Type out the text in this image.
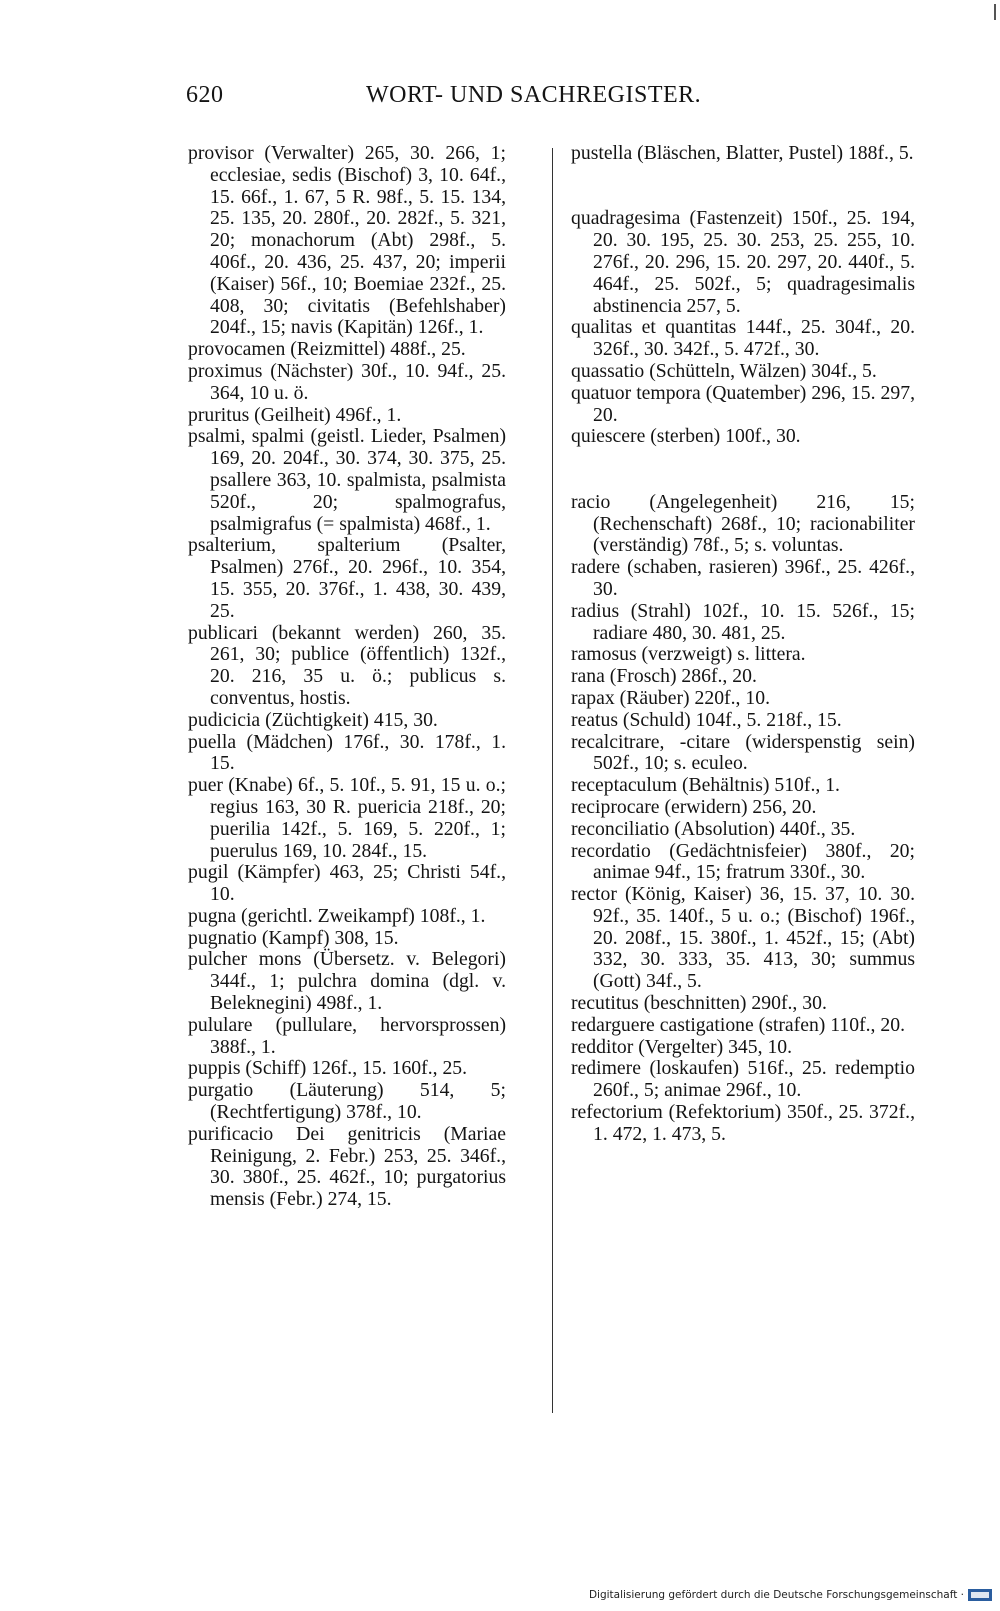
620	WORT- UND SACHREGISTER.
provisor (Verwalter) 265, 30. 266, 1; ecclesiae, sedis (Bischof) 3, 10. 64f., 15. 66f., 1. 67, 5 R. 98f., 5. 15. 134, 25. 135, 20. 280f., 20. 282f., 5. 321, 20; monachorum (Abt) 298f., 5. 406f., 20. 436, 25. 437, 20; imperii (Kaiser) 56f., 10; Boemiae 232f., 25. 408, 30; civitatis (Befehlshaber) 204f., 15; navis (Kapitän) 126f., 1.
provocamen (Reizmittel) 488f., 25.
proximus (Nächster) 30f., 10. 94f., 25. 364, 10 u. ö.
pruritus (Geilheit) 496f., 1.
psalmi, spalmi (geistl. Lieder, Psalmen) 169, 20. 204f., 30. 374, 30. 375, 25. psallere 363, 10. spalmista, psalmista 520f., 20; spalmografus, psalmigrafus (= spalmista) 468f., 1.
psalterium, spalterium (Psalter, Psalmen) 276f., 20. 296f., 10. 354, 15. 355, 20. 376f., 1. 438, 30. 439, 25.
publicari (bekannt werden) 260, 35. 261, 30; publice (öffentlich) 132f., 20. 216, 35 u. ö.; publicus s. conventus, hostis.
pudicicia (Züchtigkeit) 415, 30.
puella (Mädchen) 176f., 30. 178f., 1. 15.
puer (Knabe) 6f., 5. 10f., 5. 91, 15 u. o.; regius 163, 30 R. puericia 218f., 20; puerilia 142f., 5. 169, 5. 220f., 1; puerulus 169, 10. 284f., 15.
pugil (Kämpfer) 463, 25; Christi 54f., 10.
pugna (gerichtl. Zweikampf) 108f., 1.
pugnatio (Kampf) 308, 15.
pulcher mons (Übersetz. v. Belegori) 344f., 1; pulchra domina (dgl. v. Beleknegini) 498f., 1.
pululare (pullulare, hervorsprossen) 388f., 1.
puppis (Schiff) 126f., 15. 160f., 25.
purgatio (Läuterung) 514, 5; (Rechtfertigung) 378f., 10.
purificacio Dei genitricis (Mariae Reinigung, 2. Febr.) 253, 25. 346f., 30. 380f., 25. 462f., 10; purgatorius mensis (Febr.) 274, 15.
pustella (Bläschen, Blatter, Pustel) 188f., 5.
quadragesima (Fastenzeit) 150f., 25. 194, 20. 30. 195, 25. 30. 253, 25. 255, 10. 276f., 20. 296, 15. 20. 297, 20. 440f., 5. 464f., 25. 502f., 5; quadragesimalis abstinencia 257, 5.
qualitas et quantitas 144f., 25. 304f., 20. 326f., 30. 342f., 5. 472f., 30.
quassatio (Schütteln, Wälzen) 304f., 5.
quatuor tempora (Quatember) 296, 15. 297, 20.
quiescere (sterben) 100f., 30.
racio (Angelegenheit) 216, 15; (Rechenschaft) 268f., 10; racionabiliter (verständig) 78f., 5; s. voluntas.
radere (schaben, rasieren) 396f., 25. 426f., 30.
radius (Strahl) 102f., 10. 15. 526f., 15; radiare 480, 30. 481, 25.
ramosus (verzweigt) s. littera.
rana (Frosch) 286f., 20.
rapax (Räuber) 220f., 10.
reatus (Schuld) 104f., 5. 218f., 15.
recalcitrare, -citare (widerspenstig sein) 502f., 10; s. eculeo.
receptaculum (Behältnis) 510f., 1.
reciprocare (erwidern) 256, 20.
reconciliatio (Absolution) 440f., 35.
recordatio (Gedächtnisfeier) 380f., 20; animae 94f., 15; fratrum 330f., 30.
rector (König, Kaiser) 36, 15. 37, 10. 30. 92f., 35. 140f., 5 u. o.; (Bischof) 196f., 20. 208f., 15. 380f., 1. 452f., 15; (Abt) 332, 30. 333, 35. 413, 30; summus (Gott) 34f., 5.
recutitus (beschnitten) 290f., 30.
redarguere castigatione (strafen) 110f., 20.
redditor (Vergelter) 345, 10.
redimere (loskaufen) 516f., 25. redemptio 260f., 5; animae 296f., 10.
refectorium (Refektorium) 350f., 25. 372f., 1. 472, 1. 473, 5.
Digitalisierung gefördert durch die Deutsche Forschungsgemeinschaft ·
